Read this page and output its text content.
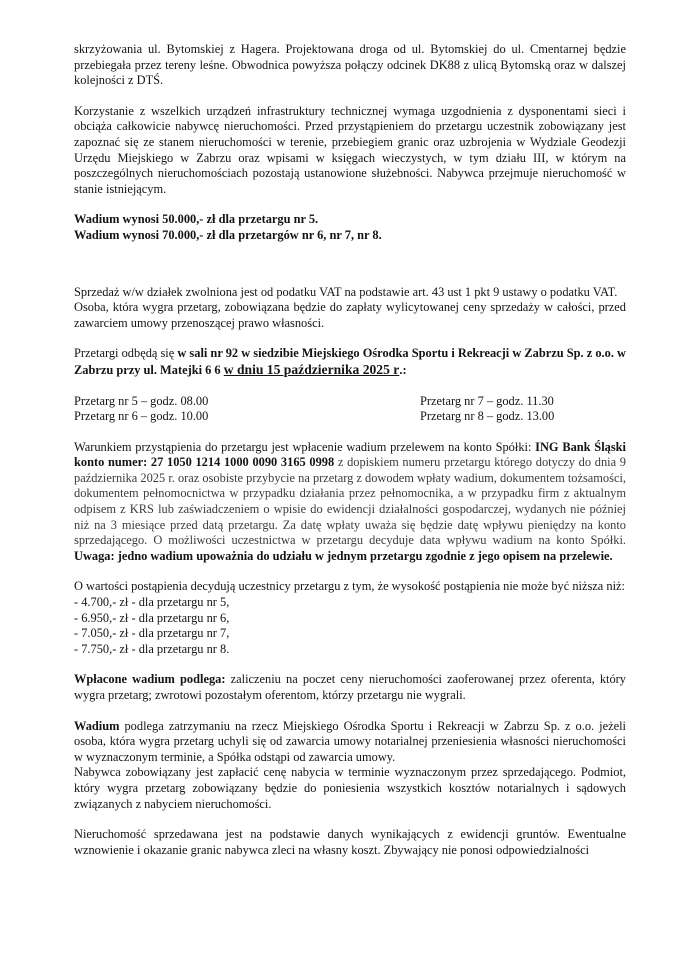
skrzyżowania ul. Bytomskiej z Hagera. Projektowana droga od ul. Bytomskiej do ul. Cmentarnej będzie przebiegała przez tereny leśne. Obwodnica powyższa połączy odcinek DK88 z ulicą Bytomską oraz w dalszej kolejności z DTŚ.

Korzystanie z wszelkich urządzeń infrastruktury technicznej wymaga uzgodnienia z dysponentami sieci i obciąża całkowicie nabywcę nieruchomości. Przed przystąpieniem do przetargu uczestnik zobowiązany jest zapoznać się ze stanem nieruchomości w terenie, przebiegiem granic oraz uzbrojenia w Wydziale Geodezji Urzędu Miejskiego w Zabrzu oraz wpisami w księgach wieczystych, w tym działu III, w którym na poszczególnych nieruchomościach pozostają ustanowione służebności. Nabywca przejmuje nieruchomość w stanie istniejącym.

Wadium wynosi 50.000,- zł dla przetargu nr 5.
Wadium wynosi 70.000,- zł dla przetargów nr 6, nr 7, nr 8.

Sprzedaż w/w działek zwolniona jest od podatku VAT na podstawie art. 43 ust 1 pkt 9 ustawy o podatku VAT.

Osoba, która wygra przetarg, zobowiązana będzie do zapłaty wylicytowanej ceny sprzedaży w całości, przed zawarciem umowy przenoszącej prawo własności.

Przetargi odbędą się w sali nr 92 w siedzibie Miejskiego Ośrodka Sportu i Rekreacji w Zabrzu Sp. z o.o. w Zabrzu przy ul. Matejki 6 6 w dniu 15 października 2025 r.:

Przetarg nr 5 – godz. 08.00
Przetarg nr 6 – godz. 10.00
Przetarg nr 7 – godz. 11.30
Przetarg nr 8 – godz. 13.00

Warunkiem przystąpienia do przetargu jest wpłacenie wadium przelewem na konto Spółki: ING Bank Śląski konto numer: 27 1050 1214 1000 0090 3165 0998 z dopiskiem numeru przetargu którego dotyczy do dnia 9 października 2025 r. oraz osobiste przybycie na przetarg z dowodem wpłaty wadium, dokumentem tożsamości, dokumentem pełnomocnictwa w przypadku działania przez pełnomocnika, a w przypadku firm z aktualnym odpisem z KRS lub zaświadczeniem o wpisie do ewidencji działalności gospodarczej, wydanych nie później niż na 3 miesiące przed datą przetargu. Za datę wpłaty uważa się będzie datę wpływu pieniędzy na konto sprzedającego. O możliwości uczestnictwa w przetargu decyduje data wpływu wadium na konto Spółki. Uwaga: jedno wadium upoważnia do udziału w jednym przetargu zgodnie z jego opisem na przelewie.

O wartości postąpienia decydują uczestnicy przetargu z tym, że wysokość postąpienia nie może być niższa niż:

- 4.700,- zł - dla przetargu nr 5,
- 6.950,- zł - dla przetargu nr 6,
- 7.050,- zł - dla przetargu nr 7,
- 7.750,- zł - dla przetargu nr 8.

Wpłacone wadium podlega: zaliczeniu na poczet ceny nieruchomości zaoferowanej przez oferenta, który wygra przetarg; zwrotowi pozostałym oferentom, którzy przetargu nie wygrali.

Wadium podlega zatrzymaniu na rzecz Miejskiego Ośrodka Sportu i Rekreacji w Zabrzu Sp. z o.o. jeżeli osoba, która wygra przetarg uchyli się od zawarcia umowy notarialnej przeniesienia własności nieruchomości w wyznaczonym terminie, a Spółka odstąpi od zawarcia umowy.

Nabywca zobowiązany jest zapłacić cenę nabycia w terminie wyznaczonym przez sprzedającego. Podmiot, który wygra przetarg zobowiązany będzie do poniesienia wszystkich kosztów notarialnych i sądowych związanych z nabyciem nieruchomości.

Nieruchomość sprzedawana jest na podstawie danych wynikających z ewidencji gruntów. Ewentualne wznowienie i okazanie granic nabywca zleci na własny koszt. Zbywający nie ponosi odpowiedzialności
